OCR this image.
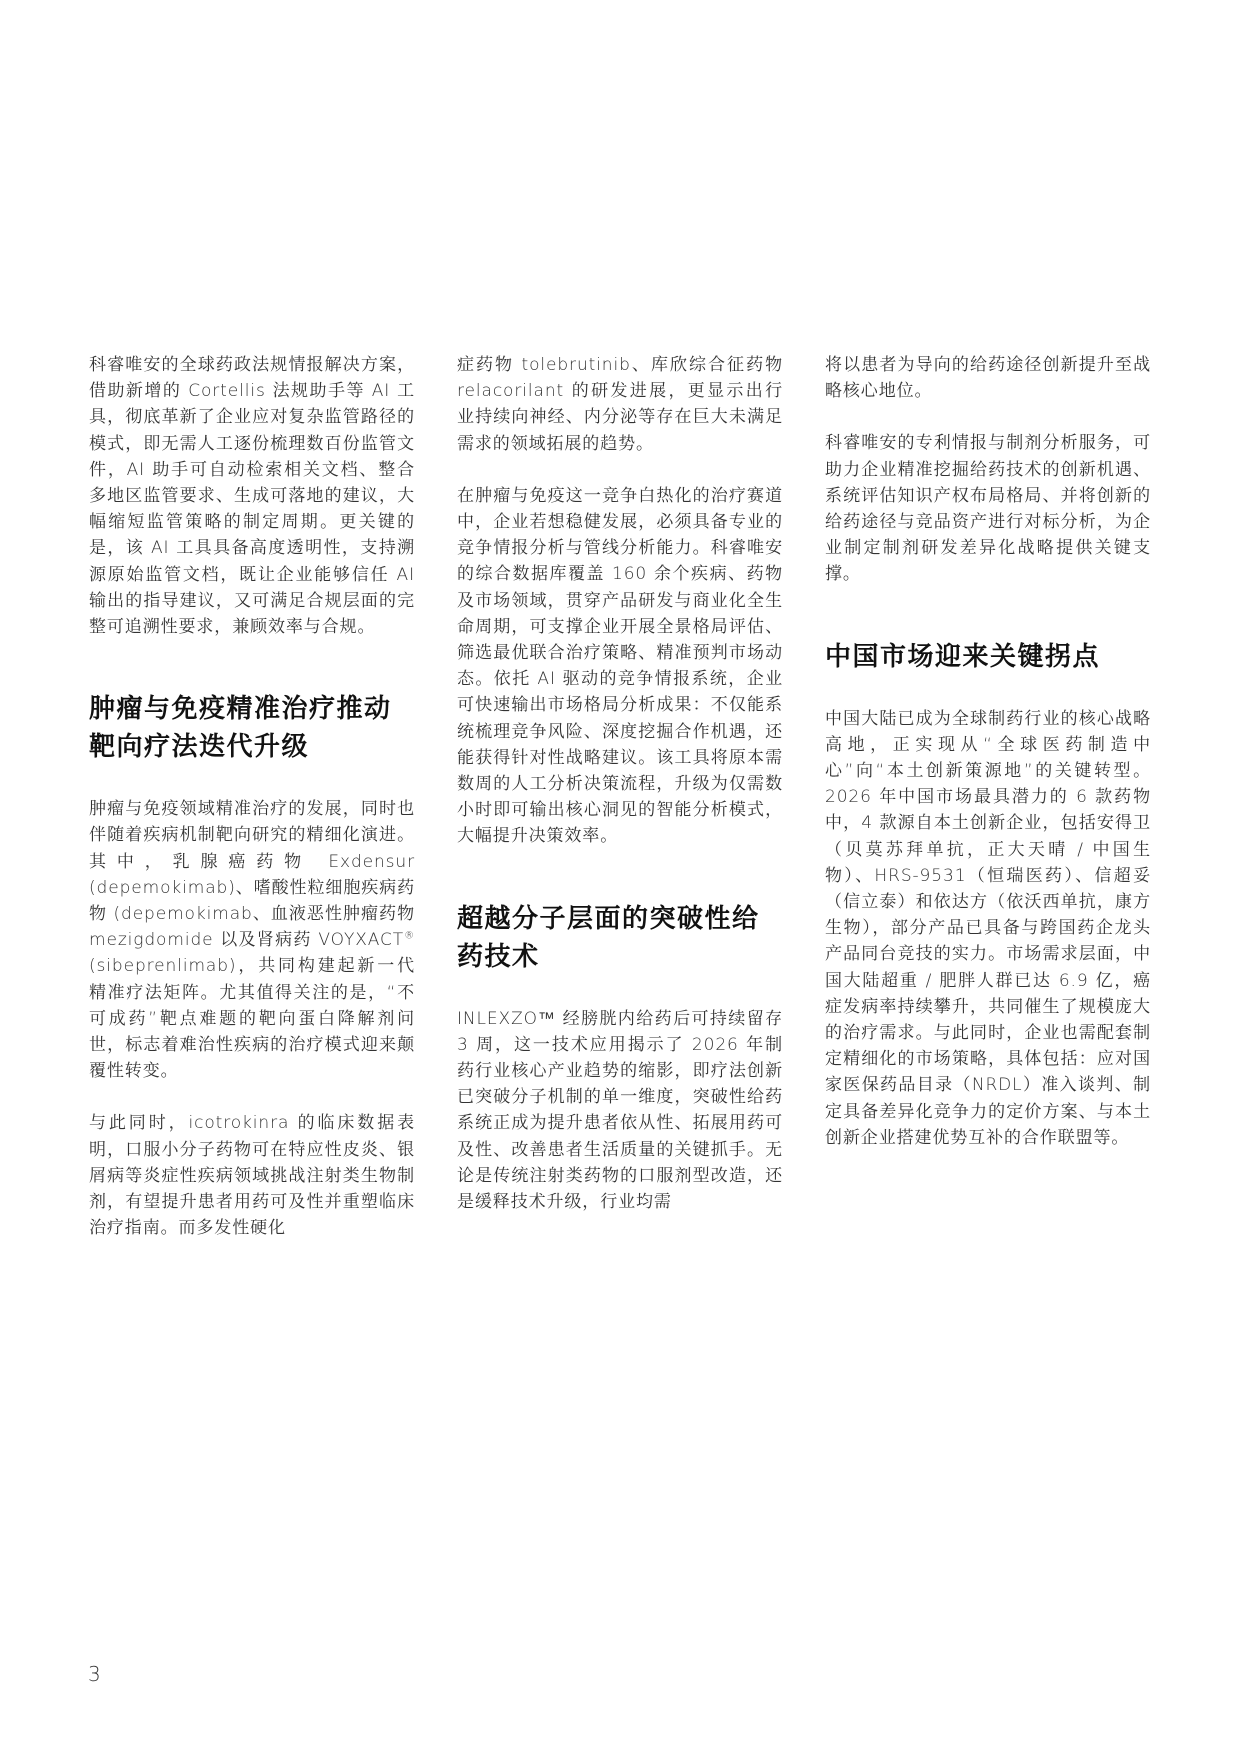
科睿唯安的全球药政法规情报解决方案，借助新增的 Cortellis 法规助手等 AI 工具，彻底革新了企业应对复杂监管路径的模式，即无需人工逐份梳理数百份监管文件，AI 助手可自动检索相关文档、整合多地区监管要求、生成可落地的建议，大幅缩短监管策略的制定周期。更关键的是，该 AI 工具具备高度透明性，支持溯源原始监管文档，既让企业能够信任 AI 输出的指导建议，又可满足合规层面的完整可追溯性要求，兼顾效率与合规。

肿瘤与免疫精准治疗推动靶向疗法迭代升级

肿瘤与免疫领域精准治疗的发展，同时也伴随着疾病机制靶向研究的精细化演进。其中，乳腺癌药物 Exdensur (depemokimab)、嗜酸性粒细胞疾病药物 (depemokimab、血液恶性肿瘤药物 mezigdomide 以及肾病药 VOYXACT® (sibeprenlimab)，共同构建起新一代精准疗法矩阵。尤其值得关注的是，“不可成药”靶点难题的靶向蛋白降解剂问世，标志着难治性疾病的治疗模式迎来颠覆性转变。

与此同时，icotrokinra 的临床数据表明，口服小分子药物可在特应性皮炎、银屑病等炎症性疾病领域挑战注射类生物制剂，有望提升患者用药可及性并重塑临床治疗指南。而多发性硬化

症药物 tolebrutinib、库欣综合征药物 relacorilant 的研发进展，更显示出行业持续向神经、内分泌等存在巨大未满足需求的领域拓展的趋势。

在肿瘤与免疫这一竞争白热化的治疗赛道中，企业若想稳健发展，必须具备专业的竞争情报分析与管线分析能力。科睿唯安的综合数据库覆盖 160 余个疾病、药物及市场领域，贯穿产品研发与商业化全生命周期，可支撑企业开展全景格局评估、筛选最优联合治疗策略、精准预判市场动态。依托 AI 驱动的竞争情报系统，企业可快速输出市场格局分析成果：不仅能系统梳理竞争风险、深度挖掘合作机遇，还能获得针对性战略建议。该工具将原本需数周的人工分析决策流程，升级为仅需数小时即可输出核心洞见的智能分析模式，大幅提升决策效率。

超越分子层面的突破性给药技术

INLEXZO™ 经膀胱内给药后可持续留存 3 周，这一技术应用揭示了 2026 年制药行业核心产业趋势的缩影，即疗法创新已突破分子机制的单一维度，突破性给药系统正成为提升患者依从性、拓展用药可及性、改善患者生活质量的关键抓手。无论是传统注射类药物的口服剂型改造，还是缓释技术升级，行业均需

将以患者为导向的给药途径创新提升至战略核心地位。

科睿唯安的专利情报与制剂分析服务，可助力企业精准挖掘给药技术的创新机遇、系统评估知识产权布局格局、并将创新的给药途径与竞品资产进行对标分析，为企业制定制剂研发差异化战略提供关键支撑。

中国市场迎来关键拐点

中国大陆已成为全球制药行业的核心战略高地，正实现从“全球医药制造中心”向“本土创新策源地”的关键转型。2026 年中国市场最具潜力的 6 款药物中，4 款源自本土创新企业，包括安得卫（贝莫苏拜单抗，正大天晴 / 中国生物）、HRS-9531（恒瑞医药）、信超妥（信立泰）和依达方（依沃西单抗，康方生物），部分产品已具备与跨国药企龙头产品同台竞技的实力。市场需求层面，中国大陆超重 / 肥胖人群已达 6.9 亿，癌症发病率持续攀升，共同催生了规模庞大的治疗需求。与此同时，企业也需配套制定精细化的市场策略，具体包括：应对国家医保药品目录（NRDL）准入谈判、制定具备差异化竞争力的定价方案、与本土创新企业搭建优势互补的合作联盟等。

3
